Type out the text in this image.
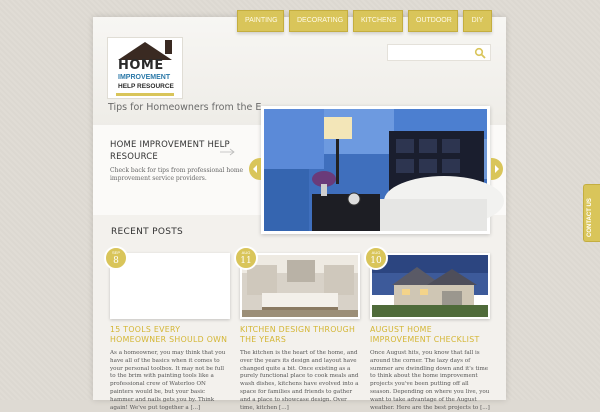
PAINTING	DECORATING	KITCHENS	OUTDOOR	DIY
HOME
IMPROVEMENT
HELP RESOURCE
Tips for Homeowners from the E
HOME IMPROVEMENT HELP RESOURCE
Check back for tips from professional home improvement service providers.
RECENT POSTS
SEP
8
15 TOOLS EVERY HOMEOWNER SHOULD OWN
As a homeowner, you may think that you have all of the basics when it comes to your personal toolbox. It may not be full to the brim with painting tools like a professional crew of Waterloo ON painters would be, but your basic hammer and nails gets you by. Think again! We've put together a [...]
AUG
11
KITCHEN DESIGN THROUGH THE YEARS
The kitchen is the heart of the home, and over the years its design and layout have changed quite a bit. Once existing as a purely functional place to cook meals and wash dishes, kitchens have evolved into a space for families and friends to gather and a place to showcase design. Over time, kitchen [...]
AUG
10
AUGUST HOME IMPROVEMENT CHECKLIST
Once August hits, you know that fall is around the corner. The lazy days of summer are dwindling down and it's time to think about the home improvement projects you've been putting off all season. Depending on where you live, you want to take advantage of the August weather. Here are the best projects to [...]
CONTACT US
